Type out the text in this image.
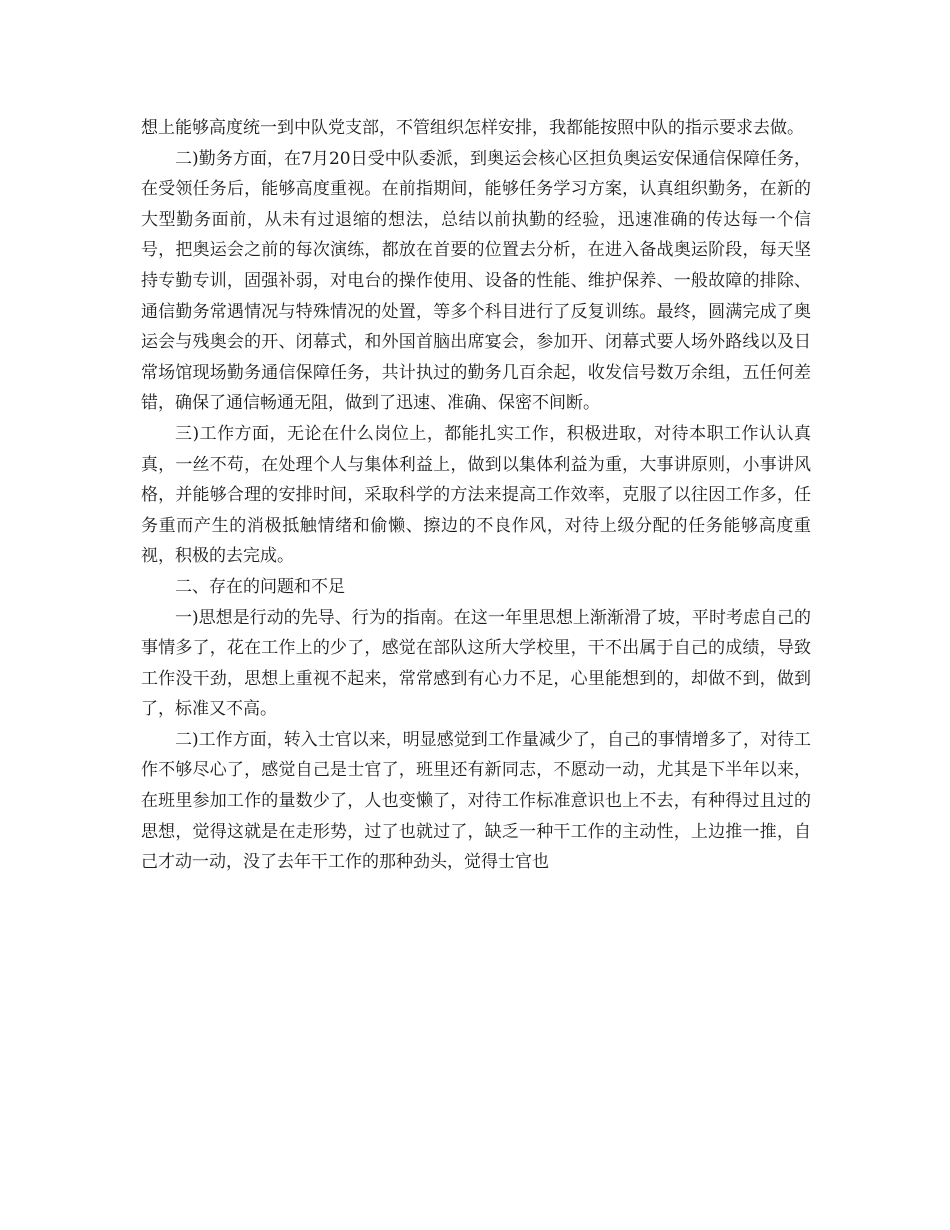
想上能够高度统一到中队党支部，不管组织怎样安排，我都能按照中队的指示要求去做。

二)勤务方面，在7月20日受中队委派，到奥运会核心区担负奥运安保通信保障任务，在受领任务后，能够高度重视。在前指期间，能够任务学习方案，认真组织勤务，在新的大型勤务面前，从未有过退缩的想法，总结以前执勤的经验，迅速准确的传达每一个信号，把奥运会之前的每次演练，都放在首要的位置去分析，在进入备战奥运阶段，每天坚持专勤专训，固强补弱，对电台的操作使用、设备的性能、维护保养、一般故障的排除、通信勤务常遇情况与特殊情况的处置，等多个科目进行了反复训练。最终，圆满完成了奥运会与残奥会的开、闭幕式，和外国首脑出席宴会，参加开、闭幕式要人场外路线以及日常场馆现场勤务通信保障任务，共计执过的勤务几百余起，收发信号数万余组，五任何差错，确保了通信畅通无阻，做到了迅速、准确、保密不间断。

三)工作方面，无论在什么岗位上，都能扎实工作，积极进取，对待本职工作认认真真，一丝不苟，在处理个人与集体利益上，做到以集体利益为重，大事讲原则，小事讲风格，并能够合理的安排时间，采取科学的方法来提高工作效率，克服了以往因工作多，任务重而产生的消极抵触情绪和偷懒、擦边的不良作风，对待上级分配的任务能够高度重视，积极的去完成。

二、存在的问题和不足

一)思想是行动的先导、行为的指南。在这一年里思想上渐渐滑了坡，平时考虑自己的事情多了，花在工作上的少了，感觉在部队这所大学校里，干不出属于自己的成绩，导致工作没干劲，思想上重视不起来，常常感到有心力不足，心里能想到的，却做不到，做到了，标准又不高。

二)工作方面，转入士官以来，明显感觉到工作量减少了，自己的事情增多了，对待工作不够尽心了，感觉自己是士官了，班里还有新同志，不愿动一动，尤其是下半年以来，在班里参加工作的量数少了，人也变懒了，对待工作标准意识也上不去，有种得过且过的思想，觉得这就是在走形势，过了也就过了，缺乏一种干工作的主动性，上边推一推，自己才动一动，没了去年干工作的那种劲头，觉得士官也
